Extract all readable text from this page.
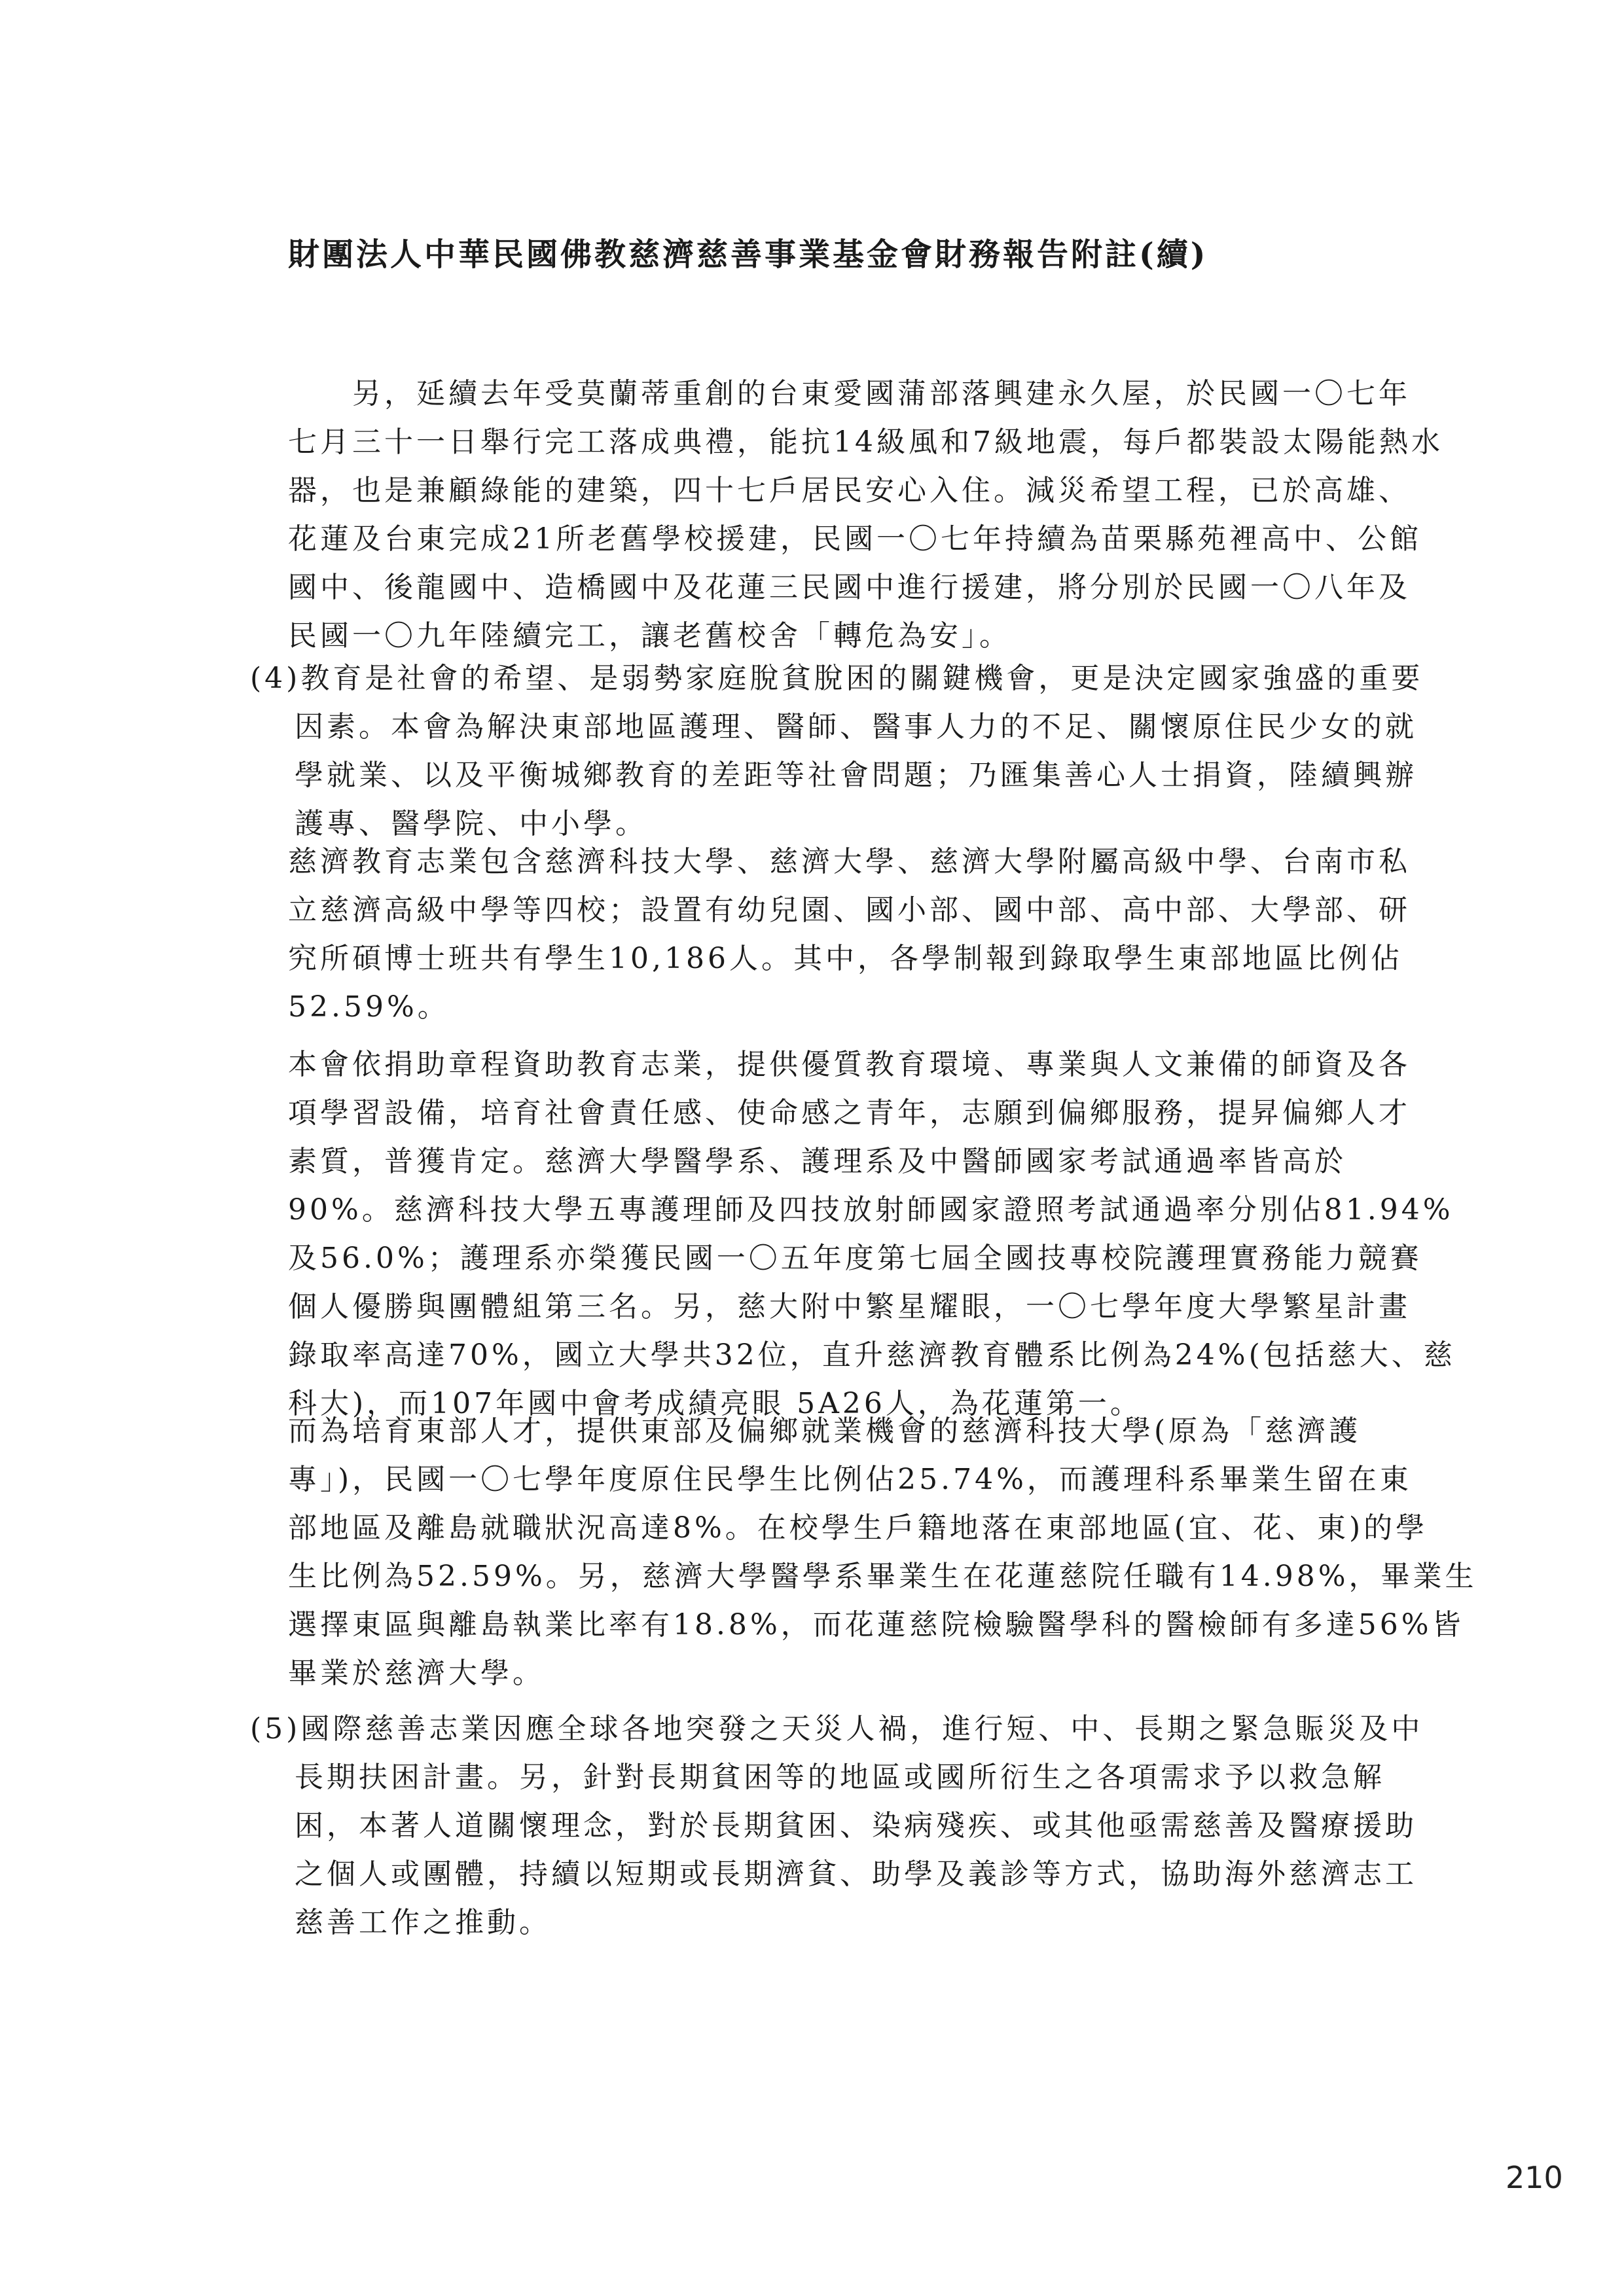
財團法人中華民國佛教慈濟慈善事業基金會財務報告附註(續)
　　另，延續去年受莫蘭蒂重創的台東愛國蒲部落興建永久屋，於民國一〇七年
七月三十一日舉行完工落成典禮，能抗14級風和7級地震，每戶都裝設太陽能熱水
器，也是兼顧綠能的建築，四十七戶居民安心入住。減災希望工程，已於高雄、
花蓮及台東完成21所老舊學校援建，民國一〇七年持續為苗栗縣苑裡高中、公館
國中、後龍國中、造橋國中及花蓮三民國中進行援建，將分別於民國一〇八年及
民國一〇九年陸續完工，讓老舊校舍「轉危為安」。
(4)教育是社會的希望、是弱勢家庭脫貧脫困的關鍵機會，更是決定國家強盛的重要
　 因素。本會為解決東部地區護理、醫師、醫事人力的不足、關懷原住民少女的就
　 學就業、以及平衡城鄉教育的差距等社會問題；乃匯集善心人士捐資，陸續興辦
　 護專、醫學院、中小學。
慈濟教育志業包含慈濟科技大學、慈濟大學、慈濟大學附屬高級中學、台南市私
立慈濟高級中學等四校；設置有幼兒園、國小部、國中部、高中部、大學部、研
究所碩博士班共有學生10,186人。其中，各學制報到錄取學生東部地區比例佔
52.59%。
本會依捐助章程資助教育志業，提供優質教育環境、專業與人文兼備的師資及各
項學習設備，培育社會責任感、使命感之青年，志願到偏鄉服務，提昇偏鄉人才
素質，普獲肯定。慈濟大學醫學系、護理系及中醫師國家考試通過率皆高於
90%。慈濟科技大學五專護理師及四技放射師國家證照考試通過率分別佔81.94%
及56.0%；護理系亦榮獲民國一〇五年度第七屆全國技專校院護理實務能力競賽
個人優勝與團體組第三名。另，慈大附中繁星耀眼，一〇七學年度大學繁星計畫
錄取率高達70%，國立大學共32位，直升慈濟教育體系比例為24%(包括慈大、慈
科大)，而107年國中會考成績亮眼 5A26人，為花蓮第一。
而為培育東部人才，提供東部及偏鄉就業機會的慈濟科技大學(原為「慈濟護
專」)，民國一〇七學年度原住民學生比例佔25.74%，而護理科系畢業生留在東
部地區及離島就職狀況高達8%。在校學生戶籍地落在東部地區(宜、花、東)的學
生比例為52.59%。另，慈濟大學醫學系畢業生在花蓮慈院任職有14.98%，畢業生
選擇東區與離島執業比率有18.8%，而花蓮慈院檢驗醫學科的醫檢師有多達56%皆
畢業於慈濟大學。
(5)國際慈善志業因應全球各地突發之天災人禍，進行短、中、長期之緊急賑災及中
　 長期扶困計畫。另，針對長期貧困等的地區或國所衍生之各項需求予以救急解
　 困，本著人道關懷理念，對於長期貧困、染病殘疾、或其他亟需慈善及醫療援助
　 之個人或團體，持續以短期或長期濟貧、助學及義診等方式，協助海外慈濟志工
　 慈善工作之推動。
210
